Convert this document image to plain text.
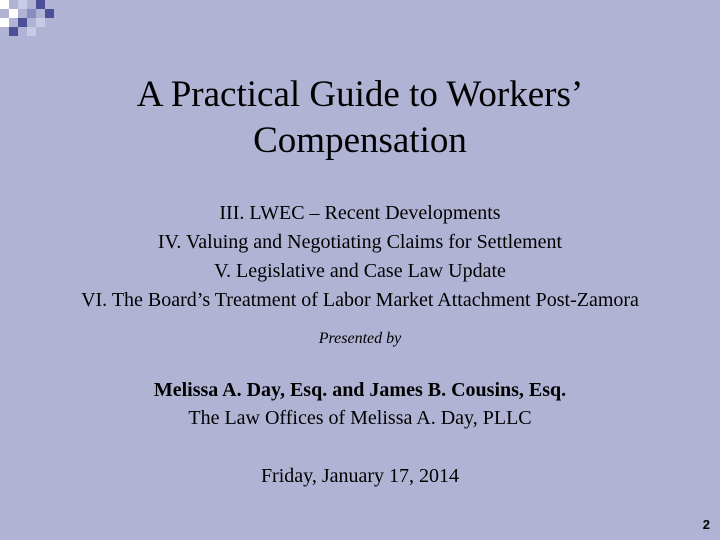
A Practical Guide to Workers’
Compensation
III. LWEC – Recent Developments
IV. Valuing and Negotiating Claims for Settlement
V. Legislative and Case Law Update
VI. The Board’s Treatment of Labor Market Attachment Post-Zamora
Presented by
Melissa A. Day, Esq. and James B. Cousins, Esq.
The Law Offices of Melissa A. Day, PLLC
Friday, January 17, 2014
2
